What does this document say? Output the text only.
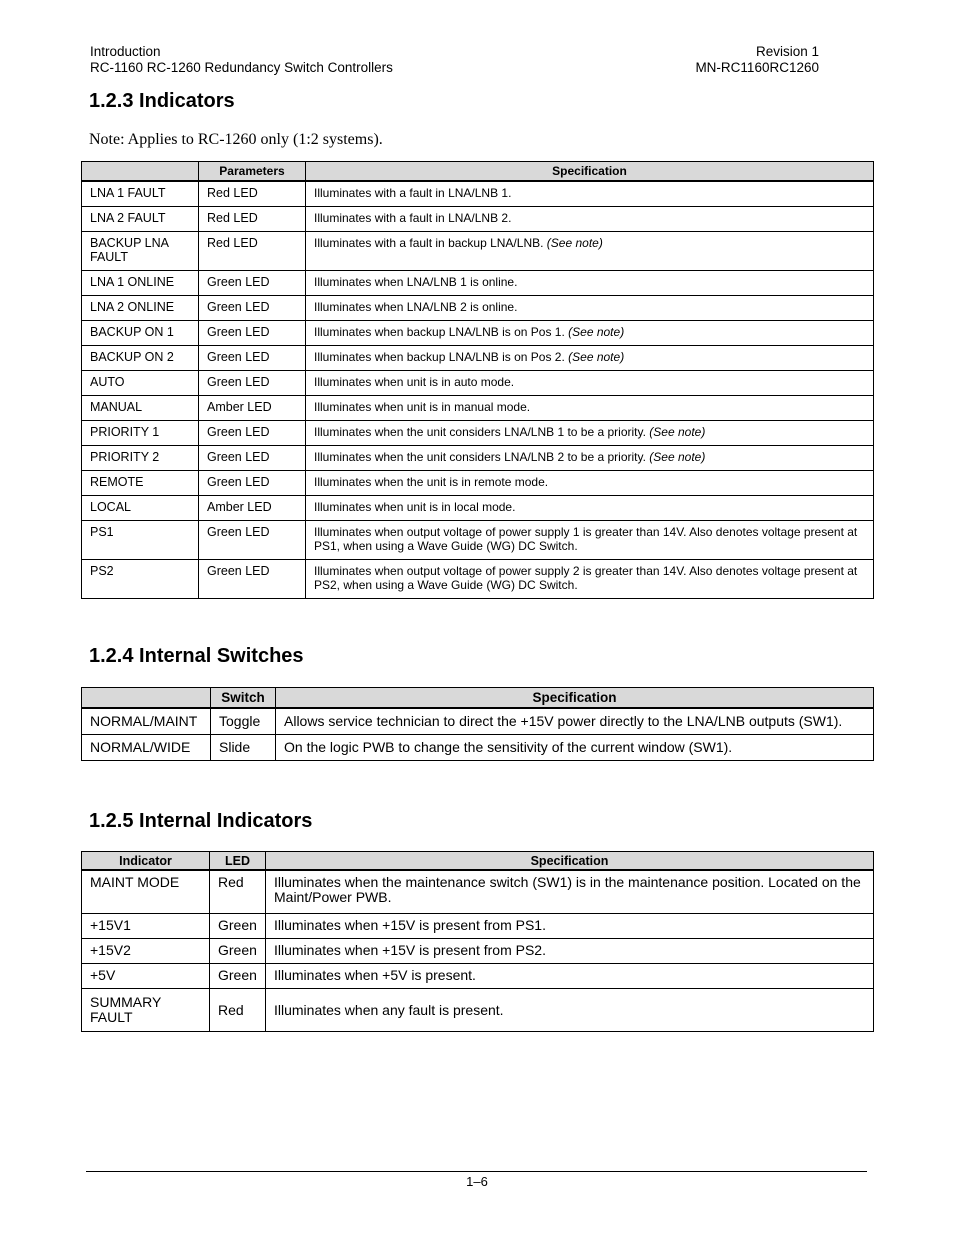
Introduction
RC-1160 RC-1260 Redundancy Switch Controllers
Revision 1
MN-RC1160RC1260
1.2.3 Indicators

Note: Applies to RC-1260 only (1:2 systems).

	Parameters	Specification
LNA 1 FAULT	Red LED	Illuminates with a fault in LNA/LNB 1.
LNA 2 FAULT	Red LED	Illuminates with a fault in LNA/LNB 2.
BACKUP LNA FAULT	Red LED	Illuminates with a fault in backup LNA/LNB. (See note)
LNA 1 ONLINE	Green LED	Illuminates when LNA/LNB 1 is online.
LNA 2 ONLINE	Green LED	Illuminates when LNA/LNB 2 is online.
BACKUP ON 1	Green LED	Illuminates when backup LNA/LNB is on Pos 1. (See note)
BACKUP ON 2	Green LED	Illuminates when backup LNA/LNB is on Pos 2. (See note)
AUTO	Green LED	Illuminates when unit is in auto mode.
MANUAL	Amber LED	Illuminates when unit is in manual mode.
PRIORITY 1	Green LED	Illuminates when the unit considers LNA/LNB 1 to be a priority. (See note)
PRIORITY 2	Green LED	Illuminates when the unit considers LNA/LNB 2 to be a priority. (See note)
REMOTE	Green LED	Illuminates when the unit is in remote mode.
LOCAL	Amber LED	Illuminates when unit is in local mode.
PS1	Green LED	Illuminates when output voltage of power supply 1 is greater than 14V. Also denotes voltage present at PS1, when using a Wave Guide (WG) DC Switch.
PS2	Green LED	Illuminates when output voltage of power supply 2 is greater than 14V. Also denotes voltage present at PS2, when using a Wave Guide (WG) DC Switch.
1.2.4 Internal Switches
	Switch	Specification
NORMAL/MAINT	Toggle	Allows service technician to direct the +15V power directly to the LNA/LNB outputs (SW1).
NORMAL/WIDE	Slide	On the logic PWB to change the sensitivity of the current window (SW1).
1.2.5 Internal Indicators
Indicator	LED	Specification
MAINT MODE	Red	Illuminates when the maintenance switch (SW1) is in the maintenance position. Located on the Maint/Power PWB.
+15V1	Green	Illuminates when +15V is present from PS1.
+15V2	Green	Illuminates when +15V is present from PS2.
+5V	Green	Illuminates when +5V is present.
SUMMARY FAULT	Red	Illuminates when any fault is present.
1–6
